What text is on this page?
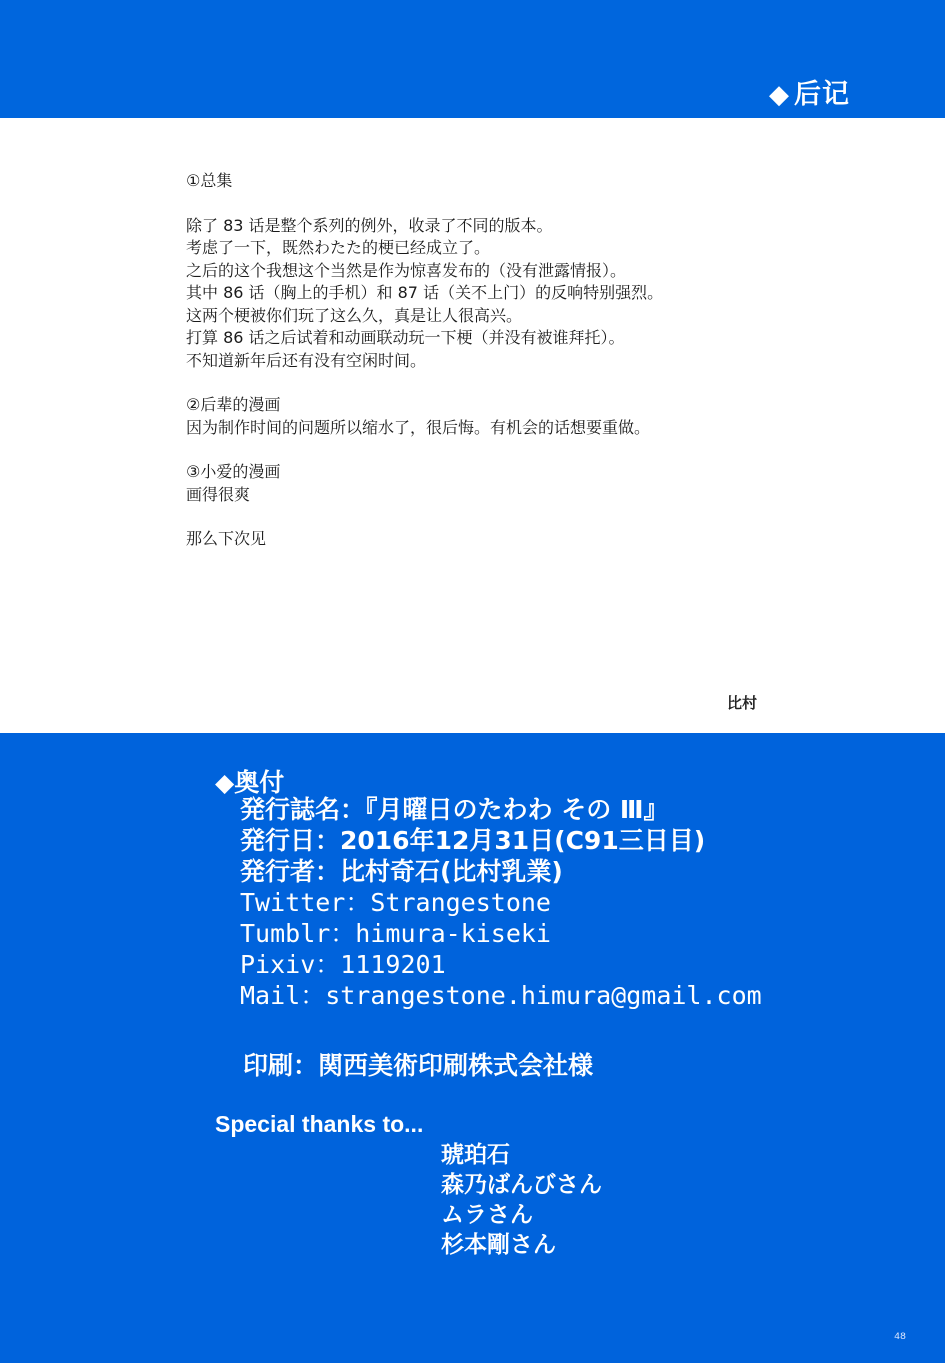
◆ 后记

①总集

除了 83 话是整个系列的例外，收录了不同的版本。

考虑了一下，既然わたた的梗已经成立了。

之后的这个我想这个当然是作为惊喜发布的（没有泄露情报）。

其中 86 话（胸上的手机）和 87 话（关不上门）的反响特别强烈。

这两个梗被你们玩了这么久，真是让人很高兴。

打算 86 话之后试着和动画联动玩一下梗（并没有被谁拜托）。

不知道新年后还有没有空闲时间。

②后辈的漫画

因为制作时间的问题所以缩水了，很后悔。有机会的话想要重做。

③小爱的漫画

画得很爽

那么下次见

比村
◆奥付
発行誌名：『月曜日のたわわ その Ⅲ』
発行日：2016年12月31日(C91三日目)
発行者：比村奇石(比村乳業)
Twitter：Strangestone
Tumblr：himura-kiseki
Pixiv：1119201
Mail：strangestone.himura@gmail.com
印刷：関西美術印刷株式会社様
Special thanks to...
琥珀石
森乃ばんびさん
ムラさん
杉本剛さん
48
